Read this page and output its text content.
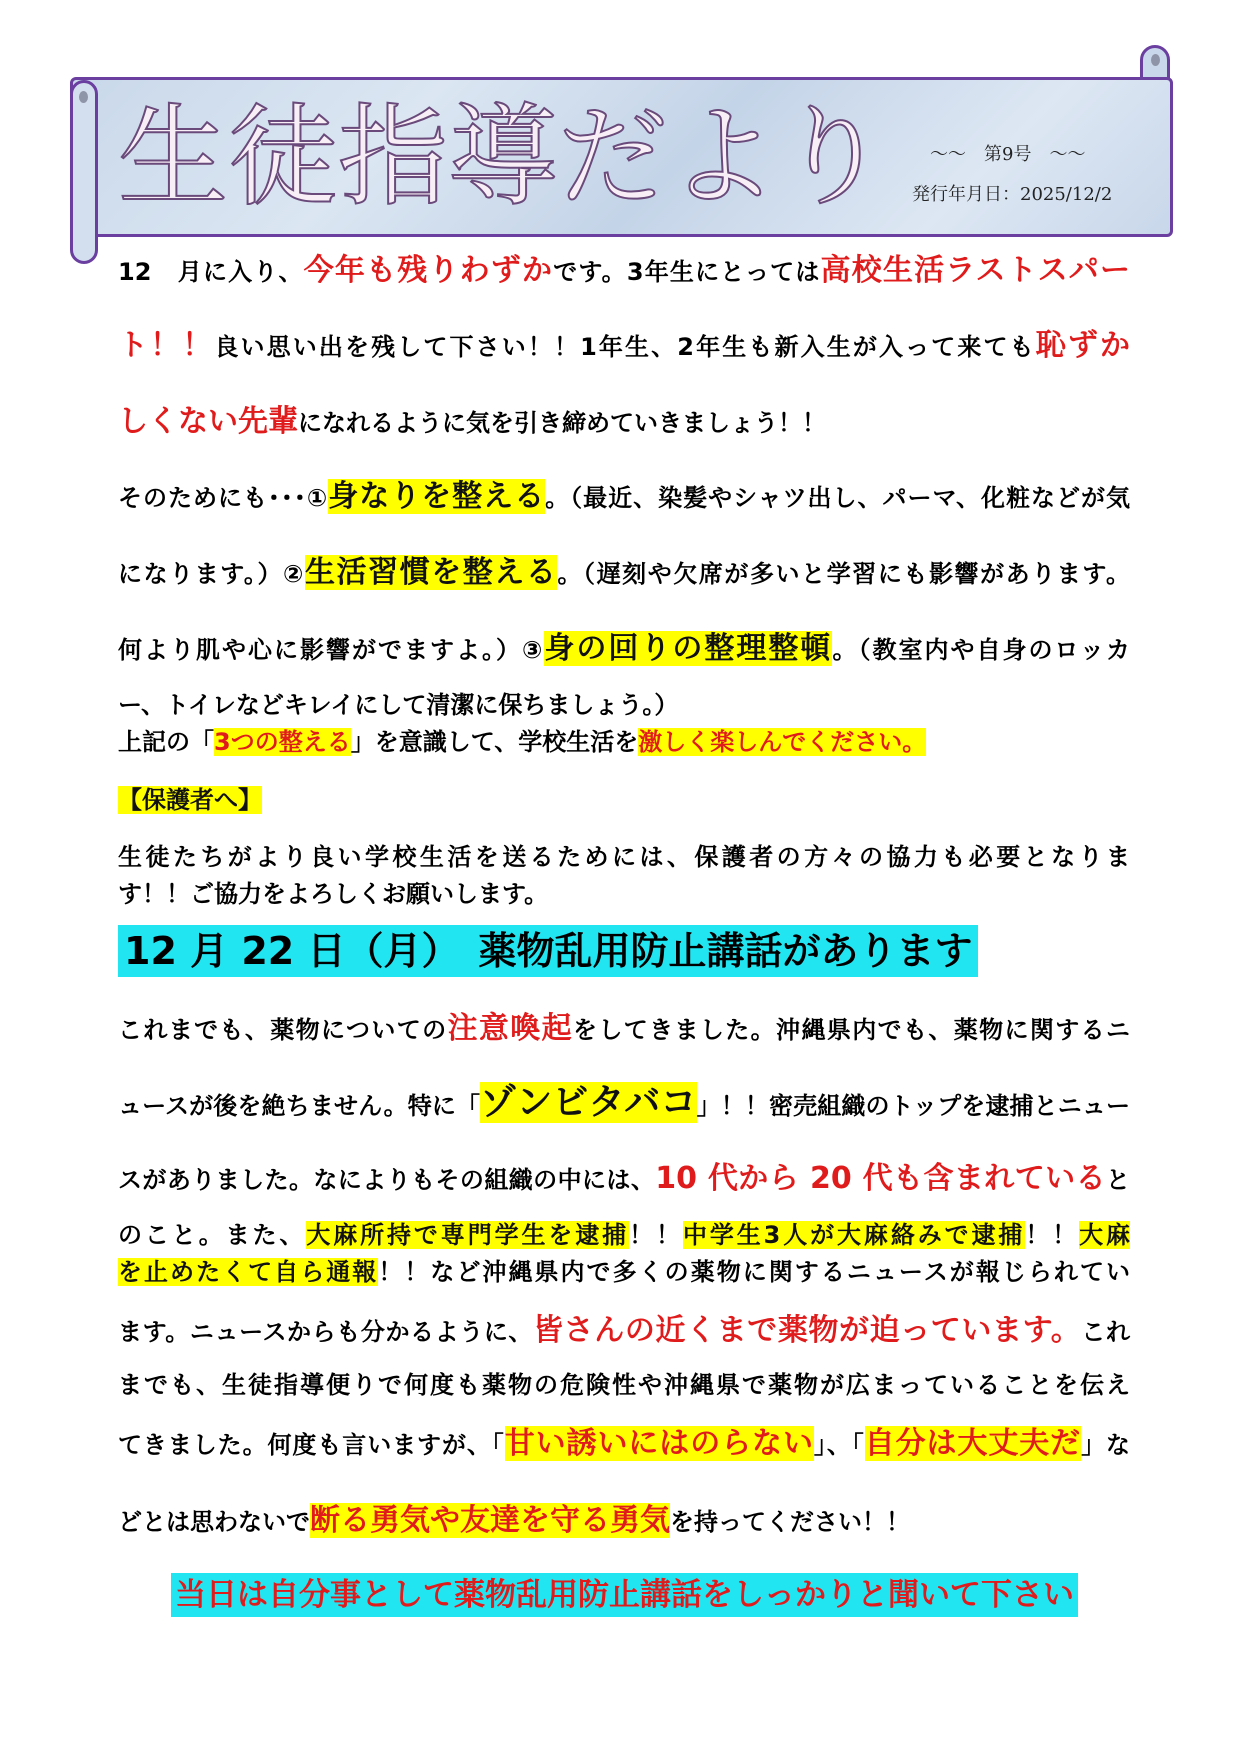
生徒指導だより	～～　第9号　～～
発行年月日：2025/12/2
12　月に入り、今年も残りわずかです。3年生にとっては高校生活ラストスパー
ト！！良い思い出を残して下さい！！1年生、2年生も新入生が入って来ても恥ずか
しくない先輩になれるように気を引き締めていきましょう！！
そのためにも･･･①身なりを整える。（最近、染髪やシャツ出し、パーマ、化粧などが気
になります。）②生活習慣を整える。（遅刻や欠席が多いと学習にも影響があります。
何より肌や心に影響がでますよ。）③身の回りの整理整頓。（教室内や自身のロッカ
ー、トイレなどキレイにして清潔に保ちましょう。）
上記の「3つの整える」を意識して、学校生活を激しく楽しんでください。
【保護者へ】
生徒たちがより良い学校生活を送るためには、保護者の方々の協力も必要となりま
す！！ご協力をよろしくお願いします。
これまでも、薬物についての注意喚起をしてきました。沖縄県内でも、薬物に関するニ
ュースが後を絶ちません。特に「ゾンビタバコ」！！密売組織のトップを逮捕とニュー
スがありました。なによりもその組織の中には、10 代から 20 代も含まれていると
のこと。また、大麻所持で専門学生を逮捕！！中学生3人が大麻絡みで逮捕！！大麻
を止めたくて自ら通報！！など沖縄県内で多くの薬物に関するニュースが報じられてい
ます。ニュースからも分かるように、皆さんの近くまで薬物が迫っています。これ
までも、生徒指導便りで何度も薬物の危険性や沖縄県で薬物が広まっていることを伝え
てきました。何度も言いますが、「甘い誘いにはのらない」、「自分は大丈夫だ」な
どとは思わないで断る勇気や友達を守る勇気を持ってください！！
12 月 22 日（月）　薬物乱用防止講話があります
当日は自分事として薬物乱用防止講話をしっかりと聞いて下さい
